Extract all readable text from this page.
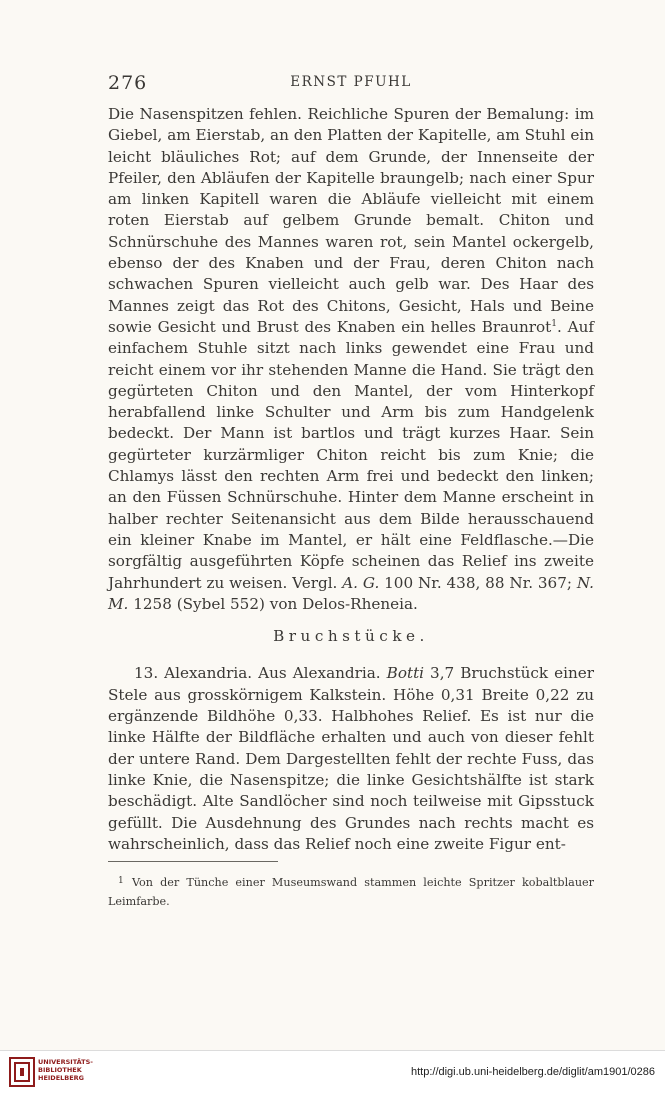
276	ERNST PFUHL

Die Nasenspitzen fehlen. Reichliche Spuren der Bemalung: im Giebel, am Eierstab, an den Platten der Kapitelle, am Stuhl ein leicht bläuliches Rot; auf dem Grunde, der Innenseite der Pfeiler, den Abläufen der Kapitelle braungelb; nach einer Spur am linken Kapitell waren die Abläufe vielleicht mit einem roten Eierstab auf gelbem Grunde bemalt. Chiton und Schnürschuhe des Mannes waren rot, sein Mantel ockergelb, ebenso der des Knaben und der Frau, deren Chiton nach schwachen Spuren vielleicht auch gelb war. Des Haar des Mannes zeigt das Rot des Chitons, Gesicht, Hals und Beine sowie Gesicht und Brust des Knaben ein helles Braunrot$^1$. Auf einfachem Stuhle sitzt nach links gewendet eine Frau und reicht einem vor ihr stehenden Manne die Hand. Sie trägt den gegürteten Chiton und den Mantel, der vom Hinterkopf herabfallend linke Schulter und Arm bis zum Handgelenk bedeckt. Der Mann ist bartlos und trägt kurzes Haar. Sein gegürteter kurzärmliger Chiton reicht bis zum Knie; die Chlamys lässt den rechten Arm frei und bedeckt den linken; an den Füssen Schnürschuhe. Hinter dem Manne erscheint in halber rechter Seitenansicht aus dem Bilde herausschauend ein kleiner Knabe im Mantel, er hält eine Feldflasche.—Die sorgfältig ausgeführten Köpfe scheinen das Relief ins zweite Jahrhundert zu weisen. Vergl. A. G. 100 Nr. 438, 88 Nr. 367; N. M. 1258 (Sybel 552) von Delos-Rheneia.

Bruchstücke.

13. Alexandria. Aus Alexandria. Botti 3,7 Bruchstück einer Stele aus grosskörnigem Kalkstein. Höhe 0,31 Breite 0,22 zu ergänzende Bildhöhe 0,33. Halbhohes Relief. Es ist nur die linke Hälfte der Bildfläche erhalten und auch von dieser fehlt der untere Rand. Dem Dargestellten fehlt der rechte Fuss, das linke Knie, die Nasenspitze; die linke Gesichtshälfte ist stark beschädigt. Alte Sandlöcher sind noch teilweise mit Gipsstuck gefüllt. Die Ausdehnung des Grundes nach rechts macht es wahrscheinlich, dass das Relief noch eine zweite Figur ent-

1 Von der Tünche einer Museumswand stammen leichte Spritzer kobaltblauer Leimfarbe.
UNIVERSITÄTS-
BIBLIOTHEK
HEIDELBERG	http://digi.ub.uni-heidelberg.de/diglit/am1901/0286
